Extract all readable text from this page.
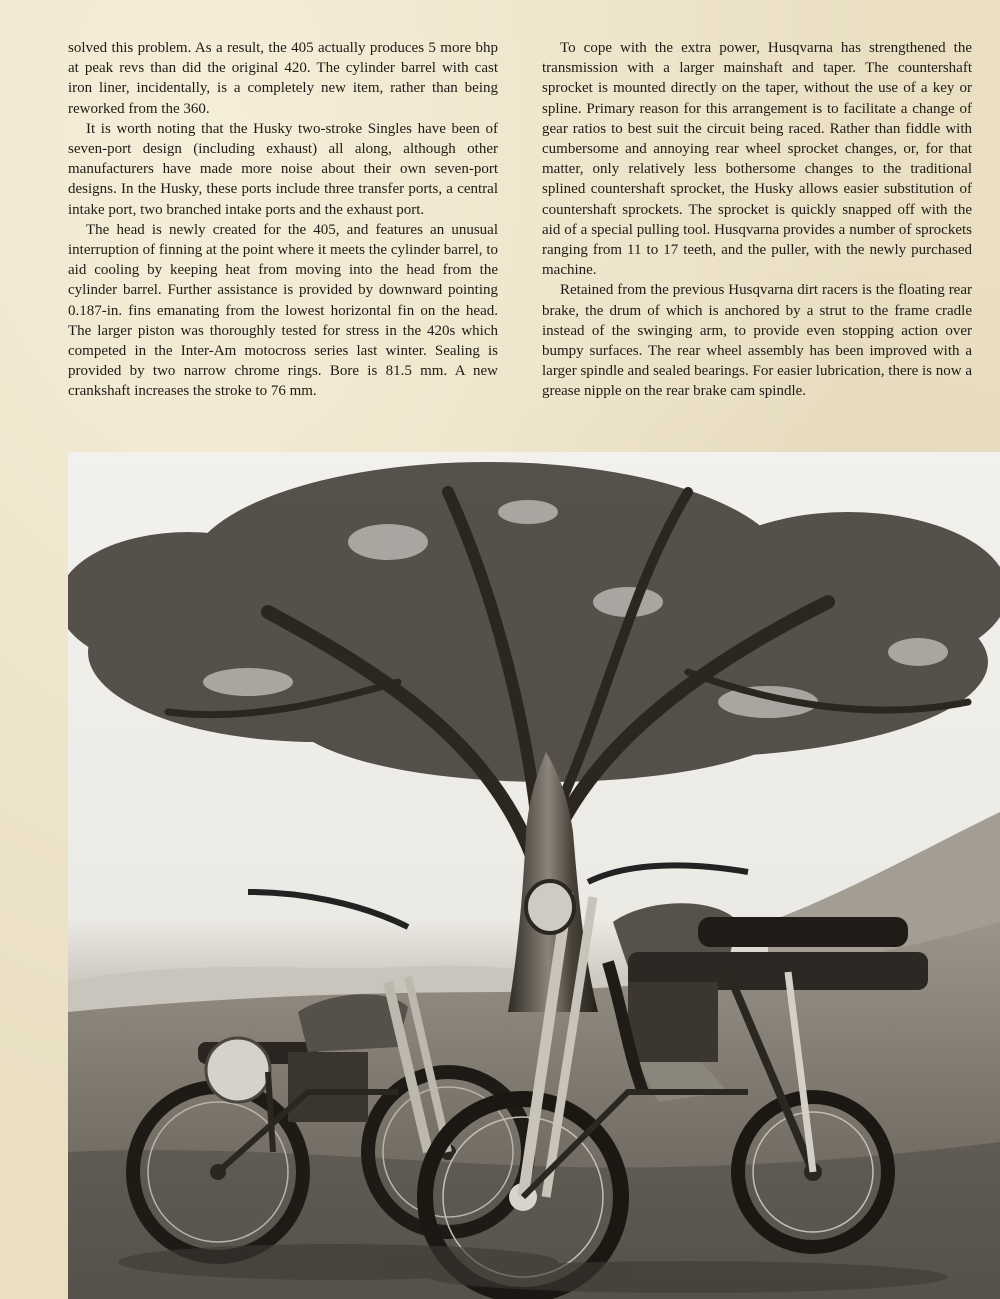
solved this problem. As a result, the 405 actually produces 5 more bhp at peak revs than did the original 420. The cylinder barrel with cast iron liner, incidentally, is a completely new item, rather than being reworked from the 360.

It is worth noting that the Husky two-stroke Singles have been of seven-port design (including exhaust) all along, although other manufacturers have made more noise about their own seven-port designs. In the Husky, these ports include three transfer ports, a central intake port, two branched intake ports and the exhaust port.

The head is newly created for the 405, and features an unusual interruption of finning at the point where it meets the cylinder barrel, to aid cooling by keeping heat from moving into the head from the cylinder barrel. Further assistance is provided by downward pointing 0.187-in. fins emanating from the lowest horizontal fin on the head. The larger piston was thoroughly tested for stress in the 420s which competed in the Inter-Am motocross series last winter. Sealing is provided by two narrow chrome rings. Bore is 81.5 mm. A new crankshaft increases the stroke to 76 mm.

To cope with the extra power, Husqvarna has strengthened the transmission with a larger mainshaft and taper. The countershaft sprocket is mounted directly on the taper, without the use of a key or spline. Primary reason for this arrangement is to facilitate a change of gear ratios to best suit the circuit being raced. Rather than fiddle with cumbersome and annoying rear wheel sprocket changes, or, for that matter, only relatively less bothersome changes to the traditional splined countershaft sprocket, the Husky allows easier substitution of countershaft sprockets. The sprocket is quickly snapped off with the aid of a special pulling tool. Husqvarna provides a number of sprockets ranging from 11 to 17 teeth, and the puller, with the newly purchased machine.

Retained from the previous Husqvarna dirt racers is the floating rear brake, the drum of which is anchored by a strut to the frame cradle instead of the swinging arm, to provide even stopping action over bumpy surfaces. The rear wheel assembly has been improved with a larger spindle and sealed bearings. For easier lubrication, there is now a grease nipple on the rear brake cam spindle.
